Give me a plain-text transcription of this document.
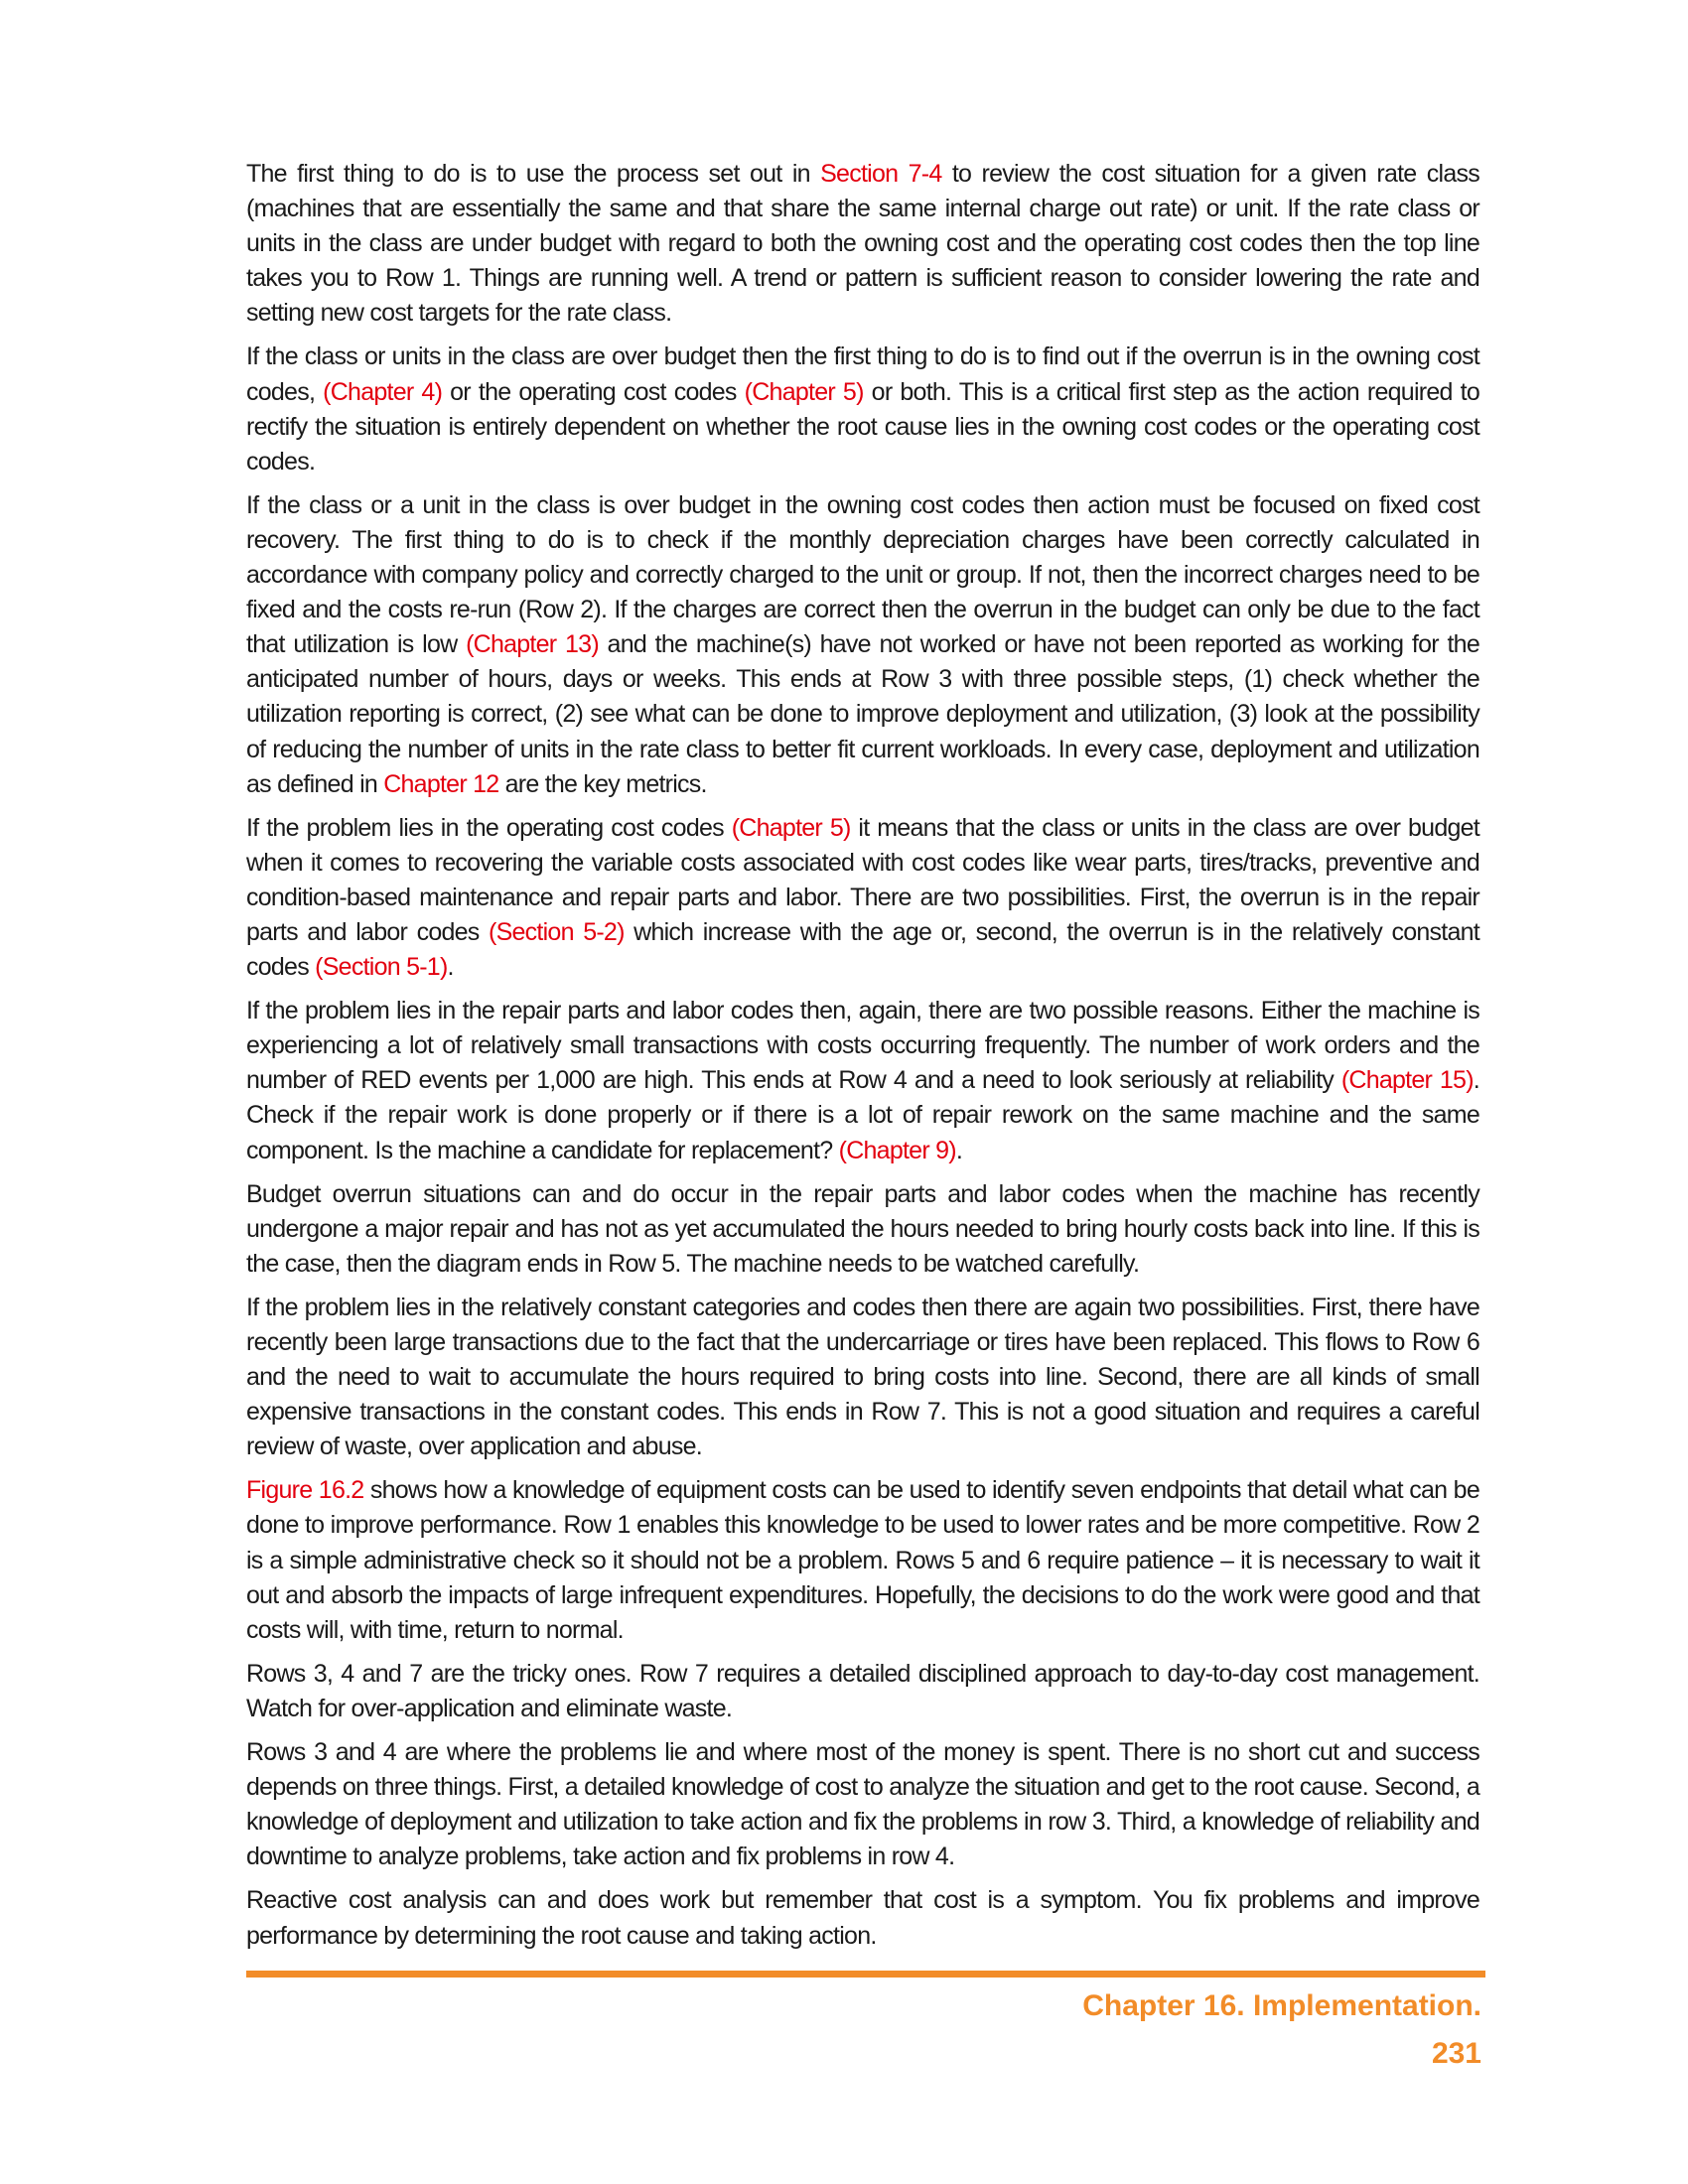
The first thing to do is to use the process set out in Section 7-4 to review the cost situation for a given rate class (machines that are essentially the same and that share the same internal charge out rate) or unit. If the rate class or units in the class are under budget with regard to both the owning cost and the operating cost codes then the top line takes you to Row 1. Things are running well. A trend or pattern is sufficient reason to consider lowering the rate and setting new cost targets for the rate class.

If the class or units in the class are over budget then the first thing to do is to find out if the overrun is in the owning cost codes, (Chapter 4) or the operating cost codes (Chapter 5) or both. This is a critical first step as the action required to rectify the situation is entirely dependent on whether the root cause lies in the owning cost codes or the operating cost codes.

If the class or a unit in the class is over budget in the owning cost codes then action must be focused on fixed cost recovery. The first thing to do is to check if the monthly depreciation charges have been correctly calculated in accordance with company policy and correctly charged to the unit or group. If not, then the incorrect charges need to be fixed and the costs re-run (Row 2). If the charges are correct then the overrun in the budget can only be due to the fact that utilization is low (Chapter 13) and the machine(s) have not worked or have not been reported as working for the anticipated number of hours, days or weeks. This ends at Row 3 with three possible steps, (1) check whether the utilization reporting is correct, (2) see what can be done to improve deployment and utilization, (3) look at the possibility of reducing the number of units in the rate class to better fit current workloads. In every case, deployment and utilization as defined in Chapter 12 are the key metrics.

If the problem lies in the operating cost codes (Chapter 5) it means that the class or units in the class are over budget when it comes to recovering the variable costs associated with cost codes like wear parts, tires/tracks, preventive and condition-based maintenance and repair parts and labor. There are two possibilities. First, the overrun is in the repair parts and labor codes (Section 5-2) which increase with the age or, second, the overrun is in the relatively constant codes (Section 5-1).

If the problem lies in the repair parts and labor codes then, again, there are two possible reasons. Either the machine is experiencing a lot of relatively small transactions with costs occurring frequently. The number of work orders and the number of RED events per 1,000 are high. This ends at Row 4 and a need to look seriously at reliability (Chapter 15). Check if the repair work is done properly or if there is a lot of repair rework on the same machine and the same component. Is the machine a candidate for replacement? (Chapter 9).

Budget overrun situations can and do occur in the repair parts and labor codes when the machine has recently undergone a major repair and has not as yet accumulated the hours needed to bring hourly costs back into line. If this is the case, then the diagram ends in Row 5. The machine needs to be watched carefully.

If the problem lies in the relatively constant categories and codes then there are again two possibilities. First, there have recently been large transactions due to the fact that the undercarriage or tires have been replaced. This flows to Row 6 and the need to wait to accumulate the hours required to bring costs into line. Second, there are all kinds of small expensive transactions in the constant codes. This ends in Row 7. This is not a good situation and requires a careful review of waste, over application and abuse.

Figure 16.2 shows how a knowledge of equipment costs can be used to identify seven endpoints that detail what can be done to improve performance. Row 1 enables this knowledge to be used to lower rates and be more competitive. Row 2 is a simple administrative check so it should not be a problem. Rows 5 and 6 require patience – it is necessary to wait it out and absorb the impacts of large infrequent expenditures. Hopefully, the decisions to do the work were good and that costs will, with time, return to normal.

Rows 3, 4 and 7 are the tricky ones. Row 7 requires a detailed disciplined approach to day-to-day cost management. Watch for over-application and eliminate waste.

Rows 3 and 4 are where the problems lie and where most of the money is spent. There is no short cut and success depends on three things. First, a detailed knowledge of cost to analyze the situation and get to the root cause. Second, a knowledge of deployment and utilization to take action and fix the problems in row 3. Third, a knowledge of reliability and downtime to analyze problems, take action and fix problems in row 4.

Reactive cost analysis can and does work but remember that cost is a symptom. You fix problems and improve performance by determining the root cause and taking action.

Chapter 16. Implementation.
231
